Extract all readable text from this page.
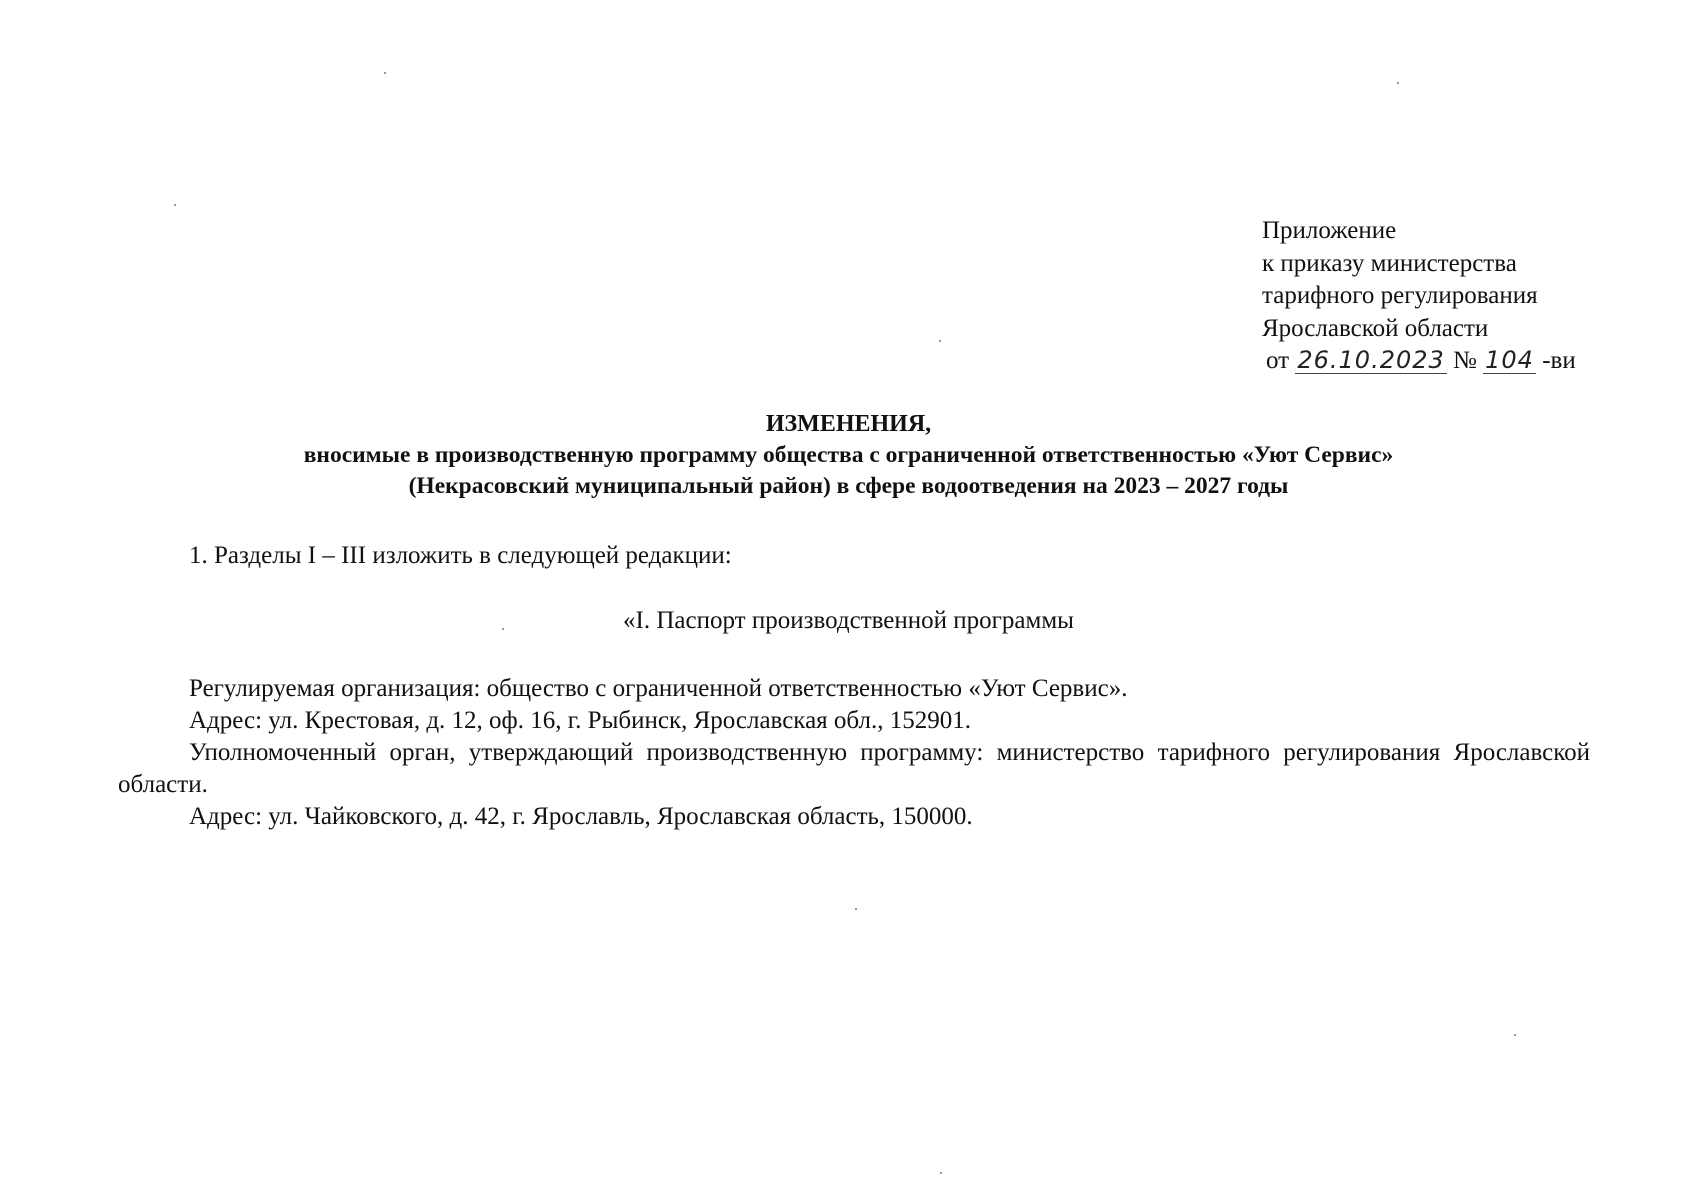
Приложение
к приказу министерства
тарифного регулирования
Ярославской области
от 26.10.2023 № 104 -ви
ИЗМЕНЕНИЯ,
вносимые в производственную программу общества с ограниченной ответственностью «Уют Сервис»
(Некрасовский муниципальный район) в сфере водоотведения на 2023 – 2027 годы
1. Разделы I – III изложить в следующей редакции:
«I. Паспорт производственной программы
Регулируемая организация: общество с ограниченной ответственностью «Уют Сервис».
Адрес: ул. Крестовая, д. 12, оф. 16, г. Рыбинск, Ярославская обл., 152901.
Уполномоченный орган, утверждающий производственную программу: министерство тарифного регулирования Ярославской области.
Адрес: ул. Чайковского, д. 42, г. Ярославль, Ярославская область, 150000.
